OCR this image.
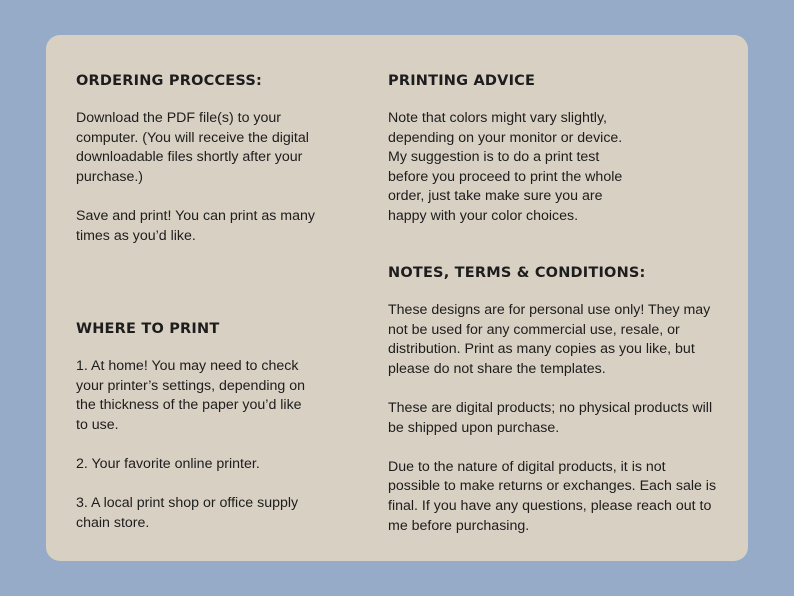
ORDERING PROCCESS:

Download the PDF file(s) to your
computer. (You will receive the digital
downloadable files shortly after your
purchase.)

Save and print! You can print as many
times as you’d like.

PRINTING ADVICE

Note that colors might vary slightly,
depending on your monitor or device.
My suggestion is to do a print test
before you proceed to print the whole
order, just take make sure you are
happy with your color choices.

WHERE TO PRINT

1. At home! You may need to check
your printer’s settings, depending on
the thickness of the paper you’d like
to use.

2. Your favorite online printer.

3. A local print shop or office supply
chain store.

NOTES, TERMS & CONDITIONS:

These designs are for personal use only! They may
not be used for any commercial use, resale, or
distribution. Print as many copies as you like, but
please do not share the templates.

These are digital products; no physical products will
be shipped upon purchase.

Due to the nature of digital products, it is not
possible to make returns or exchanges. Each sale is
final. If you have any questions, please reach out to
me before purchasing.
